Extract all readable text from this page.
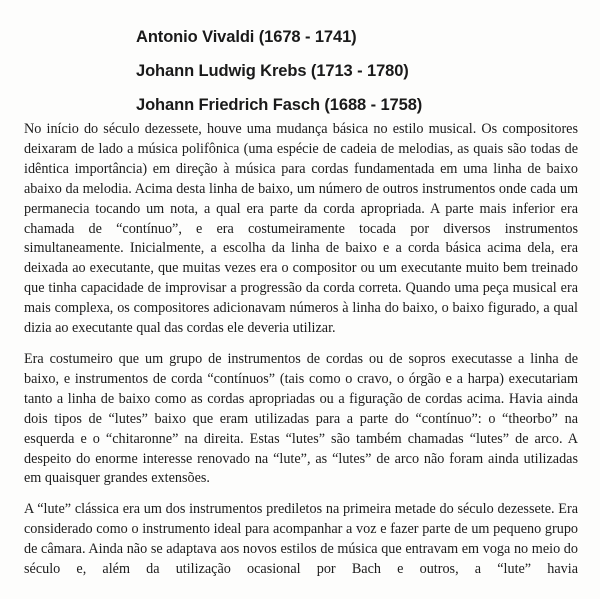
Antonio Vivaldi (1678 - 1741)
Johann Ludwig Krebs (1713 - 1780)
Johann Friedrich Fasch (1688 - 1758)

No início do século dezessete, houve uma mudança básica no estilo musical. Os compositores deixaram de lado a música polifônica (uma espécie de cadeia de melodias, as quais são todas de idêntica importância) em direção à música para cordas fundamentada em uma linha de baixo abaixo da melodia. Acima desta linha de baixo, um número de outros instrumentos onde cada um permanecia tocando um nota, a qual era parte da corda apropriada. A parte mais inferior era chamada de “contínuo”, e era costumeiramente tocada por diversos instrumentos simultaneamente. Inicialmente, a escolha da linha de baixo e a corda básica acima dela, era deixada ao executante, que muitas vezes era o compositor ou um executante muito bem treinado que tinha capacidade de improvisar a progressão da corda correta. Quando uma peça musical era mais complexa, os compositores adicionavam números à linha do baixo, o baixo figurado, a qual dizia ao executante qual das cordas ele deveria utilizar.

Era costumeiro que um grupo de instrumentos de cordas ou de sopros executasse a linha de baixo, e instrumentos de corda “contínuos” (tais como o cravo, o órgão e a harpa) executariam tanto a linha de baixo como as cordas apropriadas ou a figuração de cordas acima. Havia ainda dois tipos de “lutes” baixo que eram utilizadas para a parte do “contínuo”: o “theorbo” na esquerda e o “chitaronne” na direita. Estas “lutes” são também chamadas “lutes” de arco. A despeito do enorme interesse renovado na “lute”, as “lutes” de arco não foram ainda utilizadas em quaisquer grandes extensões.

A “lute” clássica era um dos instrumentos prediletos na primeira metade do século dezessete. Era considerado como o instrumento ideal para acompanhar a voz e fazer parte de um pequeno grupo de câmara. Ainda não se adaptava aos novos estilos de música que entravam em voga no meio do século e, além da utilização ocasional por Bach e outros, a “lute” havia
